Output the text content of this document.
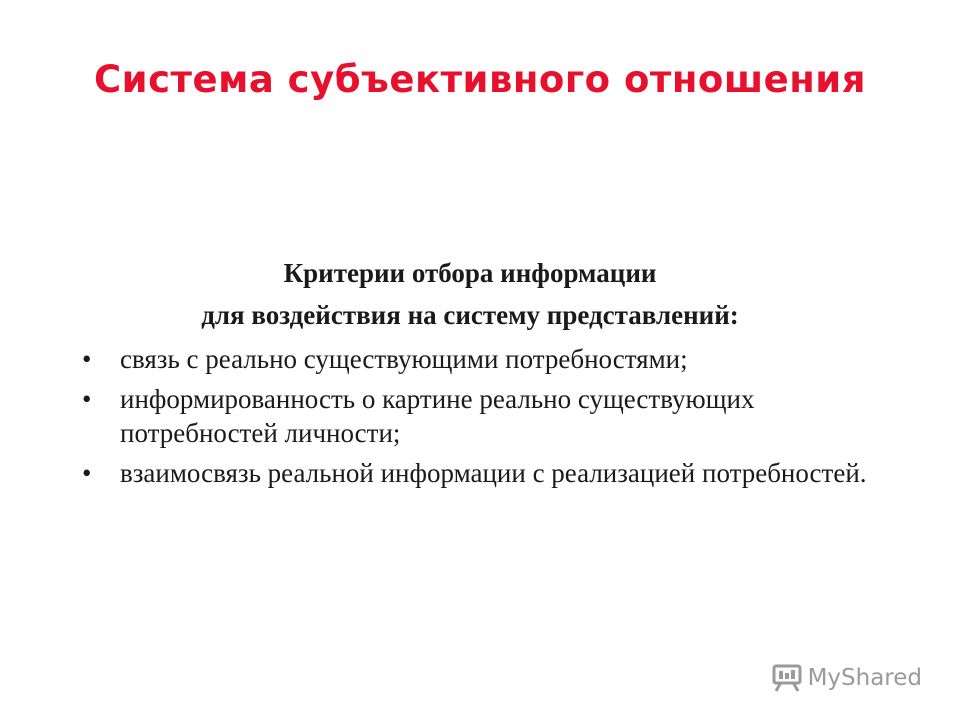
Система субъективного отношения
Критерии отбора информации
для воздействия на систему представлений:
• связь с реально существующими потребностями;
• информированность о картине реально существующих потребностей личности;
• взаимосвязь реальной информации с реализацией потребностей.
MyShared
